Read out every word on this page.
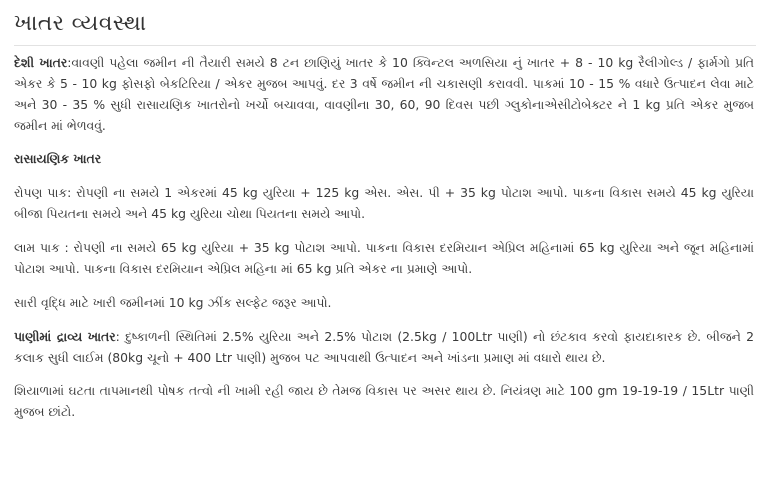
ખાતર વ્યવસ્થા

દેશી ખાતર:વાવણી પહેલા જમીન ની તૈયારી સમયે 8 ટન છાણિયું ખાતર કે 10 ક્વિન્ટલ અળસિયા નું ખાતર + 8 - 10 kg રૈલીગોલ્ડ / ફાર્મગો પ્રતિ એકર કે 5 - 10 kg ફોસફો બેકટિરિયા / એકર મુજબ આપવું. દર 3 વર્ષે જમીન ની ચકાસણી કરાવવી. પાકમાં 10 - 15 % વધારે ઉત્પાદન લેવા માટે અને 30 - 35 % સુધી રાસાયણિક ખાતરોનો ખર્ચો બચાવવા, વાવણીના 30, 60, 90 દિવસ પછી ગ્લુકોનાએસીટોબેક્ટર ને 1 kg પ્રતિ એકર મુજબ જમીન માં ભેળવવું.

રાસાયણિક ખાતર

રોપણ પાક: રોપણી ના સમયે 1 એકરમાં 45 kg યુરિયા + 125 kg એસ. એસ. પી + 35 kg પોટાશ આપો. પાકના વિકાસ સમયે 45 kg યુરિયા બીજા પિયતના સમયે અને 45 kg યુરિયા ચોથા પિયતના સમયે આપો.

લામ પાક : રોપણી ના સમયે 65 kg યુરિયા + 35 kg પોટાશ આપો. પાકના વિકાસ દરમિયાન એપ્રિલ મહિનામાં 65 kg યુરિયા અને જૂન મહિનામાં પોટાશ આપો. પાકના વિકાસ દરમિયાન એપ્રિલ મહિના માં 65 kg પ્રતિ એકર ના પ્રમાણે આપો.

સારી વૃદ્ધિ માટે ખારી જમીનમાં 10 kg ઝીંક સલ્ફેટ જરૂર આપો.

પાણીમાં દ્રાવ્ય ખાતર: દુષ્કાળની સ્થિતિમાં 2.5% યુરિયા અને 2.5% પોટાશ (2.5kg / 100Ltr પાણી) નો છંટકાવ કરવો ફાયદાકારક છે. બીજને 2 કલાક સુધી લાઈમ (80kg ચૂનો + 400 Ltr પાણી) મુજબ પટ આપવાથી ઉત્પાદન અને ખાંડના પ્રમાણ માં વધારો થાય છે.

શિયાળામાં ઘટતા તાપમાનથી પોષક તત્વો ની ખામી રહી જાય છે તેમજ વિકાસ પર અસર થાય છે. નિયંત્રણ માટે 100 gm 19-19-19 / 15Ltr પાણી મુજબ છાંટો.
